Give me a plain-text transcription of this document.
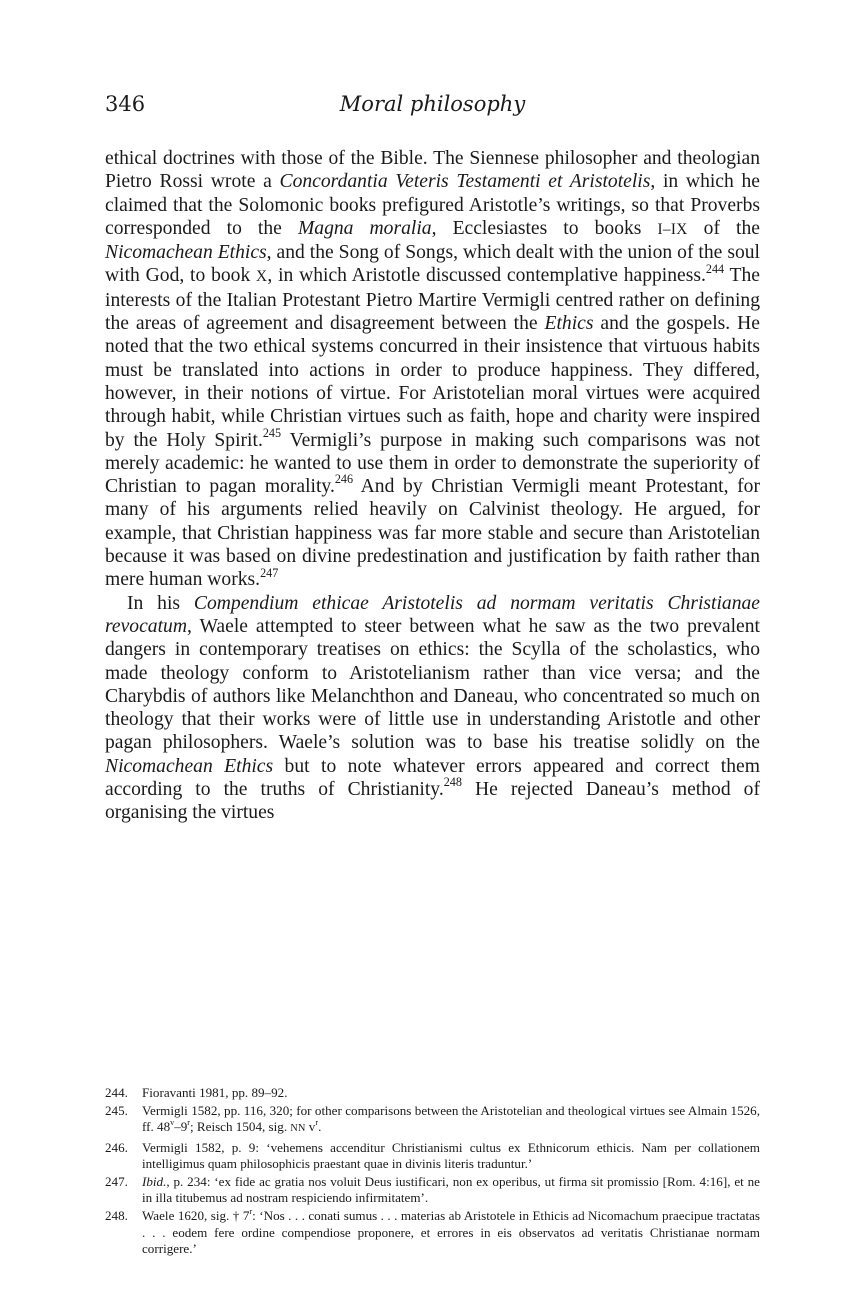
346	Moral philosophy

ethical doctrines with those of the Bible. The Siennese philosopher and theologian Pietro Rossi wrote a Concordantia Veteris Testamenti et Aristotelis, in which he claimed that the Solomonic books prefigured Aristotle’s writings, so that Proverbs corresponded to the Magna moralia, Ecclesiastes to books I–IX of the Nicomachean Ethics, and the Song of Songs, which dealt with the union of the soul with God, to book X, in which Aristotle discussed contemplative happiness.$^{244}$ The interests of the Italian Protestant Pietro Martire Vermigli centred rather on defining the areas of agreement and disagreement between the Ethics and the gospels. He noted that the two ethical systems concurred in their insistence that virtuous habits must be translated into actions in order to produce happiness. They differed, however, in their notions of virtue. For Aristotelian moral virtues were acquired through habit, while Christian virtues such as faith, hope and charity were inspired by the Holy Spirit.$^{245}$ Vermigli’s purpose in making such comparisons was not merely academic: he wanted to use them in order to demonstrate the superiority of Christian to pagan morality.$^{246}$ And by Christian Vermigli meant Protestant, for many of his arguments relied heavily on Calvinist theology. He argued, for example, that Christian happiness was far more stable and secure than Aristotelian because it was based on divine predestination and justification by faith rather than mere human works.$^{247}$

In his Compendium ethicae Aristotelis ad normam veritatis Christianae revocatum, Waele attempted to steer between what he saw as the two prevalent dangers in contemporary treatises on ethics: the Scylla of the scholastics, who made theology conform to Aristotelianism rather than vice versa; and the Charybdis of authors like Melanchthon and Daneau, who concentrated so much on theology that their works were of little use in understanding Aristotle and other pagan philosophers. Waele’s solution was to base his treatise solidly on the Nicomachean Ethics but to note whatever errors appeared and correct them according to the truths of Christianity.$^{248}$ He rejected Daneau’s method of organising the virtues

244. Fioravanti 1981, pp. 89–92.
245. Vermigli 1582, pp. 116, 320; for other comparisons between the Aristotelian and theological virtues see Almain 1526, ff. 48$^v$–9$^r$; Reisch 1504, sig. NN $v^r$.
246. Vermigli 1582, p. 9: ‘vehemens accenditur Christianismi cultus ex Ethnicorum ethicis. Nam per collationem intelligimus quam philosophicis praestant quae in divinis literis traduntur.’
247. Ibid., p. 234: ‘ex fide ac gratia nos voluit Deus iustificari, non ex operibus, ut firma sit promissio [Rom. 4:16], et ne in illa titubemus ad nostram respiciendo infirmitatem’.
248. Waele 1620, sig. † 7$^r$: ‘Nos . . . conati sumus . . . materias ab Aristotele in Ethicis ad Nicomachum praecipue tractatas . . . eodem fere ordine compendiose proponere, et errores in eis observatos ad veritatis Christianae normam corrigere.’
